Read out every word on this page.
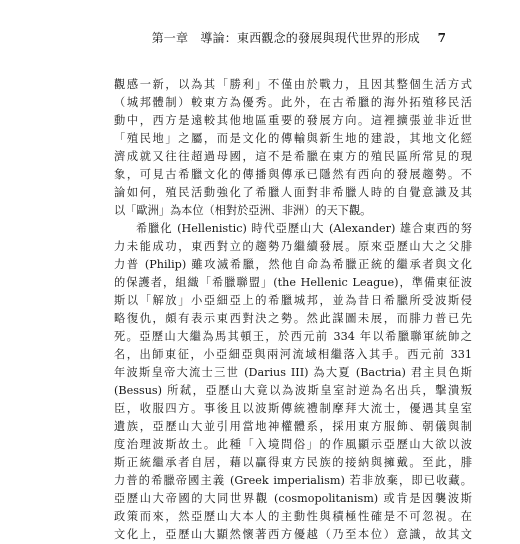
第一章　導論：東西觀念的發展與現代世界的形成 7
觀感一新，以為其「勝利」不僅由於戰力，且因其整個生活方式
（城邦體制）較東方為優秀。此外，在古希臘的海外拓殖移民活
動中，西方是遠較其他地區重要的發展方向。這裡擴張並非近世
「殖民地」之屬，而是文化的傳輸與新生地的建設，其地文化經
濟成就又往往超過母國，這不是希臘在東方的殖民區所常見的現
象，可見古希臘文化的傳播與傳承已隱然有西向的發展趨勢。不
論如何，殖民活動強化了希臘人面對非希臘人時的自覺意識及其
以「歐洲」為本位（相對於亞洲、非洲）的天下觀。
希臘化 (Hellenistic) 時代亞歷山大 (Alexander) 雄合東西的努
力未能成功，東西對立的趨勢乃繼續發展。原來亞歷山大之父腓
力普 (Philip) 雖攻滅希臘，然他自命為希臘正統的繼承者與文化
的保護者，組織「希臘聯盟」(the Hellenic League)，準備東征波
斯以「解放」小亞細亞上的希臘城邦，並為昔日希臘所受波斯侵
略復仇，頗有表示東西對決之勢。然此謀圖未展，而腓力普已先
死。亞歷山大繼為馬其頓王，於西元前 334 年以希臘聯軍統帥之
名，出師東征，小亞細亞與兩河流域相繼落入其手。西元前 331
年波斯皇帝大流士三世 (Darius III) 為大夏 (Bactria) 君主貝色斯
(Bessus) 所弒，亞歷山大竟以為波斯皇室討逆為名出兵，擊潰叛
臣，收服四方。事後且以波斯傳統禮制摩拜大流士，優遇其皇室
遺族，亞歷山大並引用當地神權體系，採用東方服飾、朝儀與制
度治理波斯故土。此種「入境問俗」的作風顯示亞歷山大欲以波
斯正統繼承者自居，藉以贏得東方民族的接納與擁戴。至此，腓
力普的希臘帝國主義 (Greek imperialism) 若非放棄，即已收藏。
亞歷山大帝國的大同世界觀 (cosmopolitanism) 或肯是因襲波斯
政策而來，然亞歷山大本人的主動性與積極性確是不可忽視。在
文化上，亞歷山大顯然懷著西方優越（乃至本位）意識，故其文
